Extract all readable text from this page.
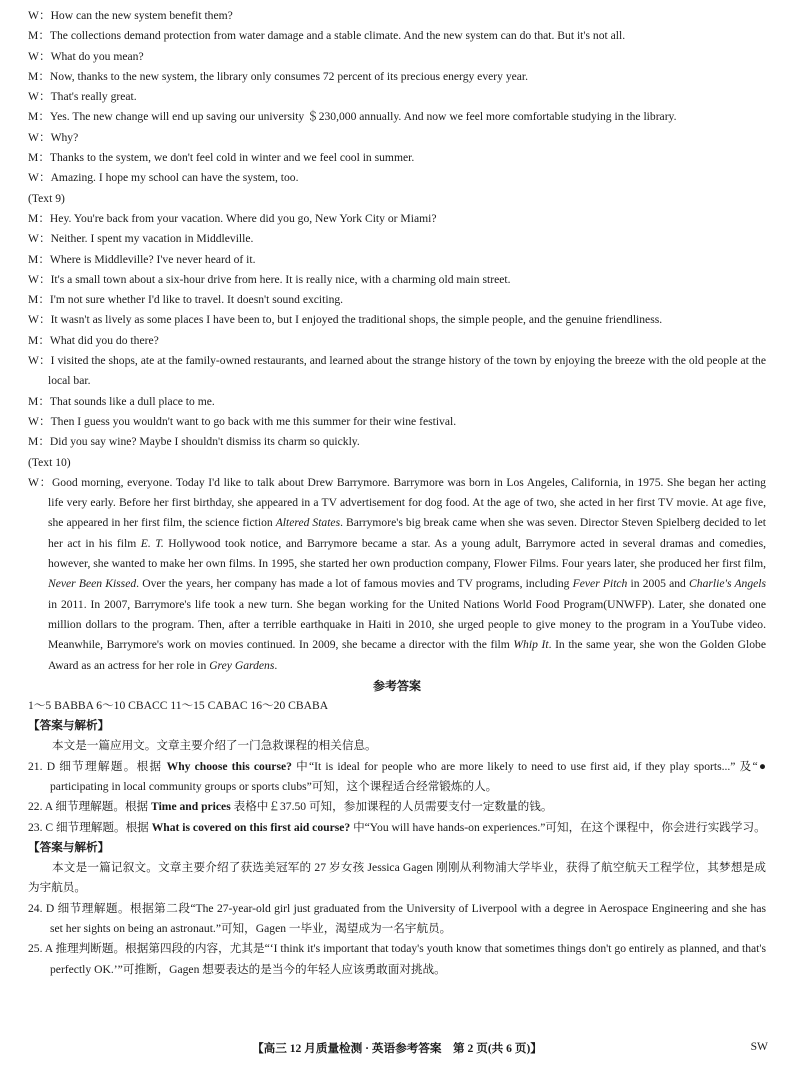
W：How can the new system benefit them?
M：The collections demand protection from water damage and a stable climate. And the new system can do that. But it's not all.
W：What do you mean?
M：Now, thanks to the new system, the library only consumes 72 percent of its precious energy every year.
W：That's really great.
M：Yes. The new change will end up saving our university ＄230,000 annually. And now we feel more comfortable studying in the library.
W：Why?
M：Thanks to the system, we don't feel cold in winter and we feel cool in summer.
W：Amazing. I hope my school can have the system, too.
(Text 9)
M：Hey. You're back from your vacation. Where did you go, New York City or Miami?
W：Neither. I spent my vacation in Middleville.
M：Where is Middleville? I've never heard of it.
W：It's a small town about a six-hour drive from here. It is really nice, with a charming old main street.
M：I'm not sure whether I'd like to travel. It doesn't sound exciting.
W：It wasn't as lively as some places I have been to, but I enjoyed the traditional shops, the simple people, and the genuine friendliness.
M：What did you do there?
W：I visited the shops, ate at the family-owned restaurants, and learned about the strange history of the town by enjoying the breeze with the old people at the local bar.
M：That sounds like a dull place to me.
W：Then I guess you wouldn't want to go back with me this summer for their wine festival.
M：Did you say wine? Maybe I shouldn't dismiss its charm so quickly.
(Text 10)
W：Good morning, everyone. Today I'd like to talk about Drew Barrymore. Barrymore was born in Los Angeles, California, in 1975. She began her acting life very early. Before her first birthday, she appeared in a TV advertisement for dog food. At the age of two, she acted in her first TV movie. At age five, she appeared in her first film, the science fiction Altered States. Barrymore's big break came when she was seven. Director Steven Spielberg decided to let her act in his film E. T. Hollywood took notice, and Barrymore became a star. As a young adult, Barrymore acted in several dramas and comedies, however, she wanted to make her own films. In 1995, she started her own production company, Flower Films. Four years later, she produced her first film, Never Been Kissed. Over the years, her company has made a lot of famous movies and TV programs, including Fever Pitch in 2005 and Charlie's Angels in 2011. In 2007, Barrymore's life took a new turn. She began working for the United Nations World Food Program(UNWFP). Later, she donated one million dollars to the program. Then, after a terrible earthquake in Haiti in 2010, she urged people to give money to the program in a YouTube video. Meanwhile, Barrymore's work on movies continued. In 2009, she became a director with the film Whip It. In the same year, she won the Golden Globe Award as an actress for her role in Grey Gardens.
参考答案
1～5 BABBA 6～10 CBACC 11～15 CABAC 16～20 CBABA
【答案与解析】
本文是一篇应用文。文章主要介绍了一门急救课程的相关信息。
21. D 细节理解题。根据 Why choose this course? 中“It is ideal for people who are more likely to need to use first aid, if they play sports...” 及“● participating in local community groups or sports clubs”可知，这个课程适合经常锻炼的人。
22. A 细节理解题。根据 Time and prices 表格中￡37.50 可知，参加课程的人员需要支付一定数量的钱。
23. C 细节理解题。根据 What is covered on this first aid course? 中“You will have hands-on experiences.”可知，在这个课程中，你会进行实践学习。
【答案与解析】
本文是一篇记叙文。文章主要介绍了获选美冠军的 27 岁女孩 Jessica Gagen 刚刚从利物浦大学毕业，获得了航空航天工程学位，其梦想是成为宇航员。
24. D 细节理解题。根据第二段“The 27-year-old girl just graduated from the University of Liverpool with a degree in Aerospace Engineering and she has set her sights on being an astronaut.”可知，Gagen 一毕业，渴望成为一名宇航员。
25. A 推理判断题。根据第四段的内容，尤其是“‘I think it's important that today's youth know that sometimes things don't go entirely as planned, and that's perfectly OK.’”可推断，Gagen 想要表达的是当今的年轻人应该勇敢面对挑战。
【高三 12 月质量检测 · 英语参考答案　第 2 页(共 6 页)】	SW
